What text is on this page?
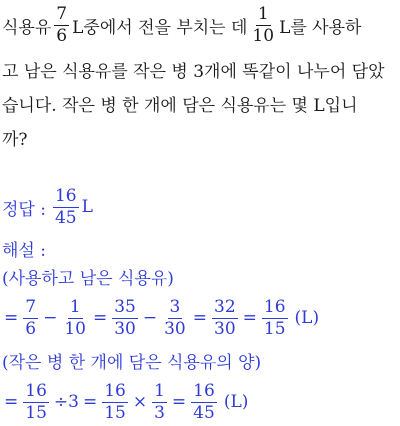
식용유 $\frac{7}{6}$ L중에서 전을 부치는 데 $\frac{1}{10}$ L를 사용하
고 남은 식용유를 작은 병 3개에 똑같이 나누어 담았
습니다. 작은 병 한 개에 담은 식용유는 몇 L입니
까?
정답 : $\frac{16}{45}$ L
해설 :
(사용하고 남은 식용유)
= $\frac{7}{6} - \frac{1}{10} = \frac{35}{30} - \frac{3}{30} = \frac{32}{30} = \frac{16}{15} (L)$
(작은 병 한 개에 담은 식용유의 양)
= $\frac{16}{15} \div 3 = \frac{16}{15} \times \frac{1}{3} = \frac{16}{45} (L)$
